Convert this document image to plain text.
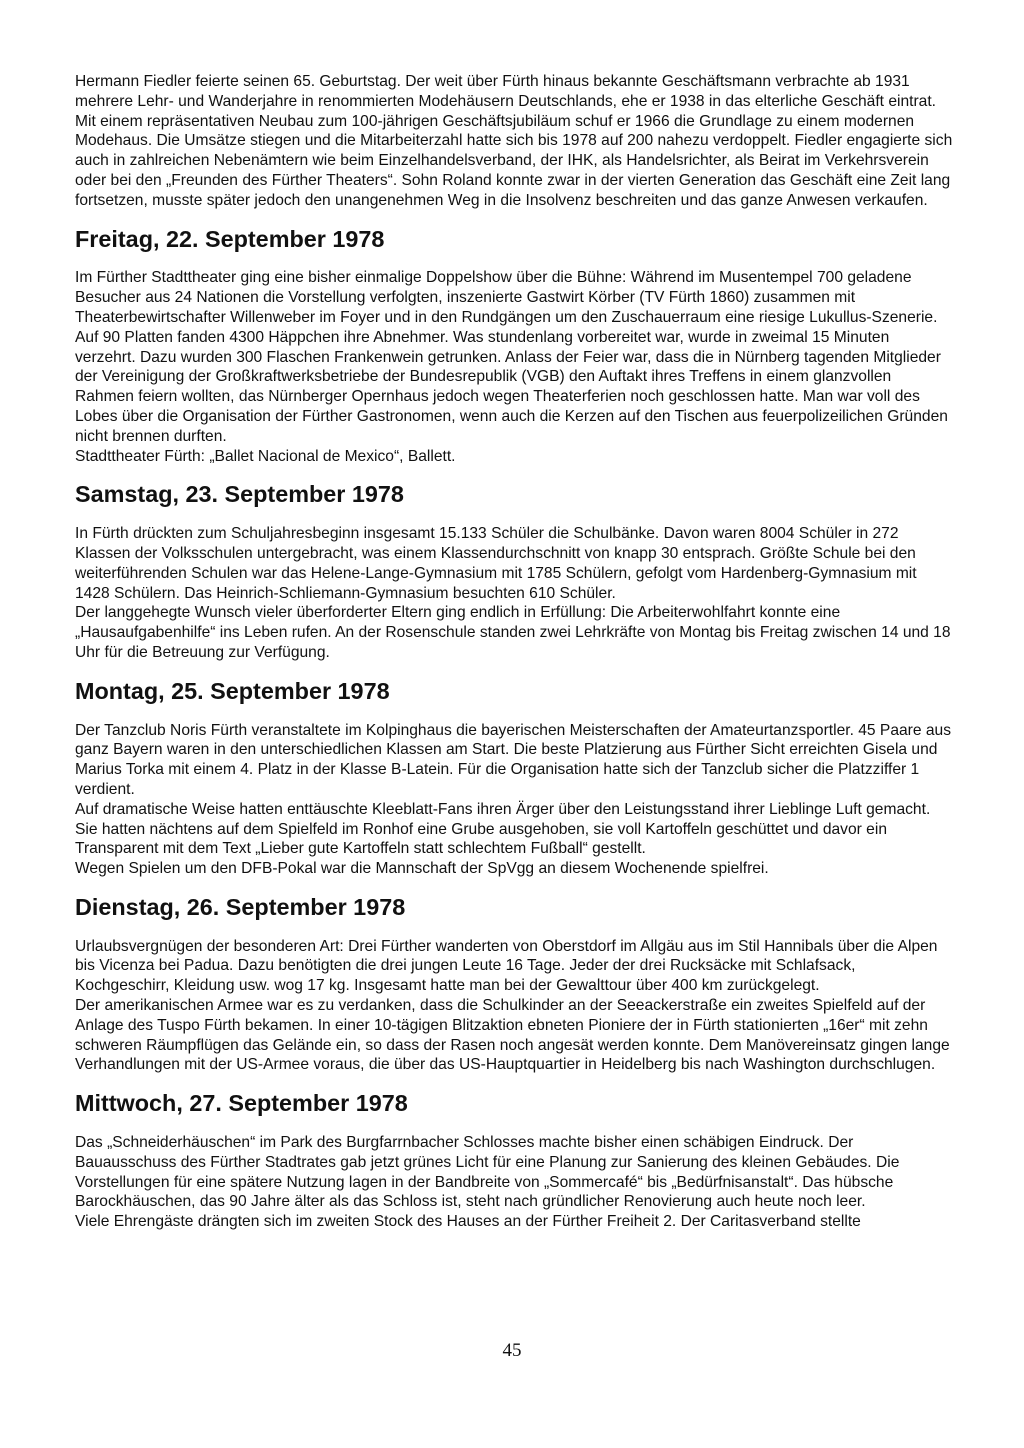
Hermann Fiedler feierte seinen 65. Geburtstag. Der weit über Fürth hinaus bekannte Geschäftsmann verbrachte ab 1931 mehrere Lehr- und Wanderjahre in renommierten Modehäusern Deutschlands, ehe er 1938 in das elterliche Geschäft eintrat. Mit einem repräsentativen Neubau zum 100-jährigen Geschäftsjubiläum schuf er 1966 die Grundlage zu einem modernen Modehaus. Die Umsätze stiegen und die Mitarbeiterzahl hatte sich bis 1978 auf 200 nahezu verdoppelt. Fiedler engagierte sich auch in zahlreichen Nebenämtern wie beim Einzelhandelsverband, der IHK, als Handelsrichter, als Beirat im Verkehrsverein oder bei den „Freunden des Fürther Theaters“. Sohn Roland konnte zwar in der vierten Generation das Geschäft eine Zeit lang fortsetzen, musste später jedoch den unangenehmen Weg in die Insolvenz beschreiten und das ganze Anwesen verkaufen.

Freitag, 22. September 1978

Im Fürther Stadttheater ging eine bisher einmalige Doppelshow über die Bühne: Während im Musentempel 700 geladene Besucher aus 24 Nationen die Vorstellung verfolgten, inszenierte Gastwirt Körber (TV Fürth 1860) zusammen mit Theaterbewirtschafter Willenweber im Foyer und in den Rundgängen um den Zuschauerraum eine riesige Lukullus-Szenerie. Auf 90 Platten fanden 4300 Häppchen ihre Abnehmer. Was stundenlang vorbereitet war, wurde in zweimal 15 Minuten verzehrt. Dazu wurden 300 Flaschen Frankenwein getrunken. Anlass der Feier war, dass die in Nürnberg tagenden Mitglieder der Vereinigung der Großkraftwerksbetriebe der Bundesrepublik (VGB) den Auftakt ihres Treffens in einem glanzvollen Rahmen feiern wollten, das Nürnberger Opernhaus jedoch wegen Theaterferien noch geschlossen hatte. Man war voll des Lobes über die Organisation der Fürther Gastronomen, wenn auch die Kerzen auf den Tischen aus feuerpolizeilichen Gründen nicht brennen durften.

Stadttheater Fürth: „Ballet Nacional de Mexico“, Ballett.

Samstag, 23. September 1978

In Fürth drückten zum Schuljahresbeginn insgesamt 15.133 Schüler die Schulbänke. Davon waren 8004 Schüler in 272 Klassen der Volksschulen untergebracht, was einem Klassendurchschnitt von knapp 30 entsprach. Größte Schule bei den weiterführenden Schulen war das Helene-Lange-Gymnasium mit 1785 Schülern, gefolgt vom Hardenberg-Gymnasium mit 1428 Schülern. Das Heinrich-Schliemann-Gymnasium besuchten 610 Schüler.

Der langgehegte Wunsch vieler überforderter Eltern ging endlich in Erfüllung: Die Arbeiterwohlfahrt konnte eine „Hausaufgabenhilfe“ ins Leben rufen. An der Rosenschule standen zwei Lehrkräfte von Montag bis Freitag zwischen 14 und 18 Uhr für die Betreuung zur Verfügung.

Montag, 25. September 1978

Der Tanzclub Noris Fürth veranstaltete im Kolpinghaus die bayerischen Meisterschaften der Amateurtanzsportler. 45 Paare aus ganz Bayern waren in den unterschiedlichen Klassen am Start. Die beste Platzierung aus Fürther Sicht erreichten Gisela und Marius Torka mit einem 4. Platz in der Klasse B-Latein. Für die Organisation hatte sich der Tanzclub sicher die Platzziffer 1 verdient.

Auf dramatische Weise hatten enttäuschte Kleeblatt-Fans ihren Ärger über den Leistungsstand ihrer Lieblinge Luft gemacht. Sie hatten nächtens auf dem Spielfeld im Ronhof eine Grube ausgehoben, sie voll Kartoffeln geschüttet und davor ein Transparent mit dem Text „Lieber gute Kartoffeln statt schlechtem Fußball“ gestellt.

Wegen Spielen um den DFB-Pokal war die Mannschaft der SpVgg an diesem Wochenende spielfrei.

Dienstag, 26. September 1978

Urlaubsvergnügen der besonderen Art: Drei Fürther wanderten von Oberstdorf im Allgäu aus im Stil Hannibals über die Alpen bis Vicenza bei Padua. Dazu benötigten die drei jungen Leute 16 Tage. Jeder der drei Rucksäcke mit Schlafsack, Kochgeschirr, Kleidung usw. wog 17 kg. Insgesamt hatte man bei der Gewalttour über 400 km zurückgelegt.

Der amerikanischen Armee war es zu verdanken, dass die Schulkinder an der Seeackerstraße ein zweites Spielfeld auf der Anlage des Tuspo Fürth bekamen. In einer 10-tägigen Blitzaktion ebneten Pioniere der in Fürth stationierten „16er“ mit zehn schweren Räumpflügen das Gelände ein, so dass der Rasen noch angesät werden konnte. Dem Manövereinsatz gingen lange Verhandlungen mit der US-Armee voraus, die über das US-Hauptquartier in Heidelberg bis nach Washington durchschlugen.

Mittwoch, 27. September 1978

Das „Schneiderhäuschen“ im Park des Burgfarrnbacher Schlosses machte bisher einen schäbigen Eindruck. Der Bauausschuss des Fürther Stadtrates gab jetzt grünes Licht für eine Planung zur Sanierung des kleinen Gebäudes. Die Vorstellungen für eine spätere Nutzung lagen in der Bandbreite von „Sommercafé“ bis „Bedürfnisanstalt“. Das hübsche Barockhäuschen, das 90 Jahre älter als das Schloss ist, steht nach gründlicher Renovierung auch heute noch leer.

Viele Ehrengäste drängten sich im zweiten Stock des Hauses an der Fürther Freiheit 2. Der Caritasverband stellte

45
